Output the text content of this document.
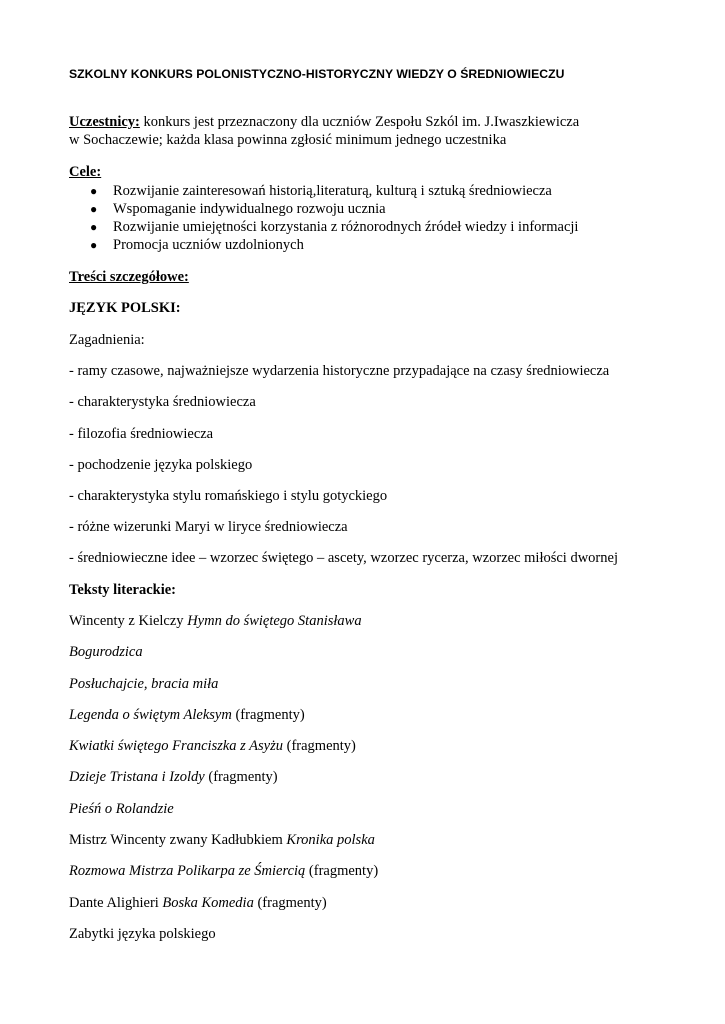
SZKOLNY KONKURS POLONISTYCZNO-HISTORYCZNY WIEDZY O ŚREDNIOWIECZU
Uczestnicy: konkurs jest przeznaczony dla uczniów Zespołu Szkól im. J.Iwaszkiewicza
w Sochaczewie; każda klasa powinna zgłosić minimum jednego uczestnika
Cele:
● Rozwijanie zainteresowań historią,literaturą, kulturą i sztuką średniowiecza
● Wspomaganie indywidualnego rozwoju ucznia
● Rozwijanie umiejętności korzystania z różnorodnych źródeł wiedzy i informacji
● Promocja uczniów uzdolnionych
Treści szczegółowe:
JĘZYK POLSKI:
Zagadnienia:
- ramy czasowe, najważniejsze wydarzenia historyczne przypadające na czasy średniowiecza
- charakterystyka średniowiecza
- filozofia średniowiecza
- pochodzenie języka polskiego
- charakterystyka stylu romańskiego i stylu gotyckiego
- różne wizerunki Maryi w liryce średniowiecza
- średniowieczne idee – wzorzec świętego – ascety, wzorzec rycerza, wzorzec miłości dwornej
Teksty literackie:
Wincenty z Kielczy Hymn do świętego Stanisława
Bogurodzica
Posłuchajcie, bracia miła
Legenda o świętym Aleksym (fragmenty)
Kwiatki świętego Franciszka z Asyżu (fragmenty)
Dzieje Tristana i Izoldy (fragmenty)
Pieśń o Rolandzie
Mistrz Wincenty zwany Kadłubkiem Kronika polska
Rozmowa Mistrza Polikarpa ze Śmiercią (fragmenty)
Dante Alighieri Boska Komedia (fragmenty)
Zabytki języka polskiego
